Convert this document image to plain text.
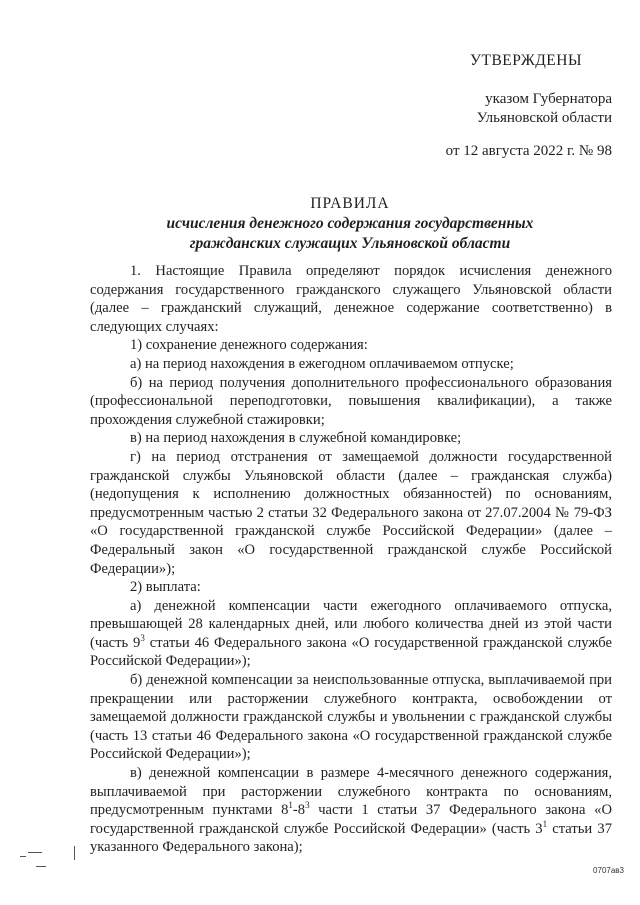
УТВЕРЖДЕНЫ
указом Губернатора
Ульяновской области
от 12 августа 2022 г. № 98
ПРАВИЛА
исчисления денежного содержания государственных
гражданских служащих Ульяновской области

1. Настоящие Правила определяют порядок исчисления денежного содержания государственного гражданского служащего Ульяновской области (далее – гражданский служащий, денежное содержание соответственно) в следующих случаях:

1) сохранение денежного содержания:

а) на период нахождения в ежегодном оплачиваемом отпуске;

б) на период получения дополнительного профессионального образования (профессиональной переподготовки, повышения квалификации), а также прохождения служебной стажировки;

в) на период нахождения в служебной командировке;

г) на период отстранения от замещаемой должности государственной гражданской службы Ульяновской области (далее – гражданская служба) (недопущения к исполнению должностных обязанностей) по основаниям, предусмотренным частью 2 статьи 32 Федерального закона от 27.07.2004 № 79-ФЗ «О государственной гражданской службе Российской Федерации» (далее – Федеральный закон «О государственной гражданской службе Российской Федерации»);

2) выплата:

а) денежной компенсации части ежегодного оплачиваемого отпуска, превышающей 28 календарных дней, или любого количества дней из этой части (часть $9^3$ статьи 46 Федерального закона «О государственной гражданской службе Российской Федерации»);

б) денежной компенсации за неиспользованные отпуска, выплачиваемой при прекращении или расторжении служебного контракта, освобождении от замещаемой должности гражданской службы и увольнении с гражданской службы (часть 13 статьи 46 Федерального закона «О государственной гражданской службе Российской Федерации»);

в) денежной компенсации в размере 4-месячного денежного содержания, выплачиваемой при расторжении служебного контракта по основаниям, предусмотренным пунктами $8^1-8^3$ части 1 статьи 37 Федерального закона «О государственной гражданской службе Российской Федерации» (часть $3^1$ статьи 37 указанного Федерального закона);

0707ав3
